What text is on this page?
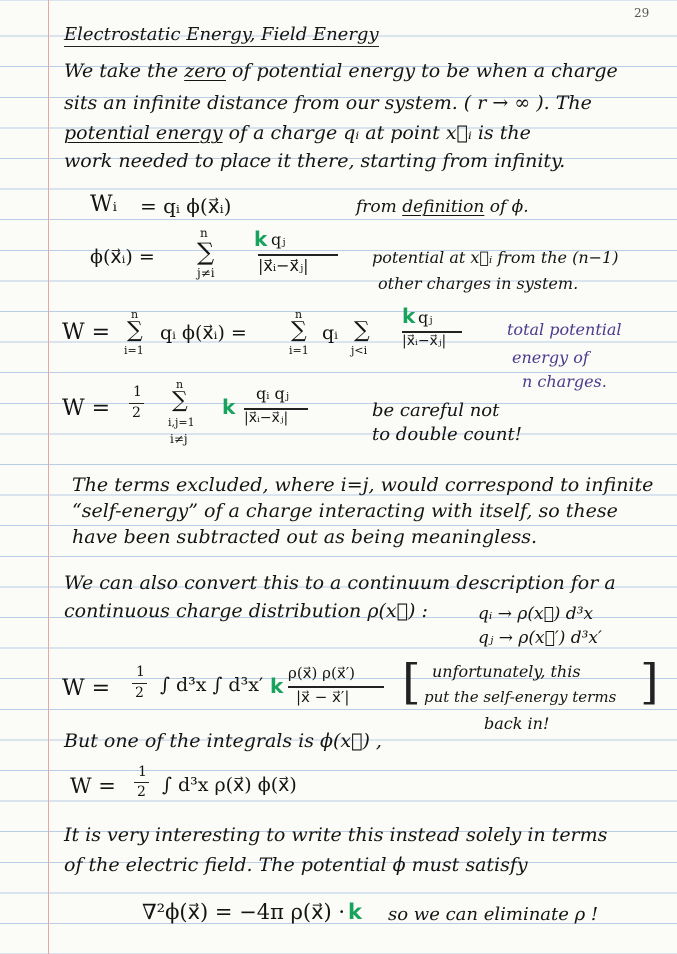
29
Electrostatic Energy, Field Energy
We take the zero of potential energy to be when a charge
sits an infinite distance from our system. ( r → ∞ ). The
potential energy of a charge qᵢ at point x⃗ᵢ is the
work needed to place it there, starting from infinity.
Wᵢ = qᵢ ϕ(x⃗ᵢ)	from definition of ϕ.
ϕ(x⃗ᵢ) =
n
∑
j≠i
k qⱼ
|x⃗ᵢ−x⃗ⱼ|	potential at x⃗ᵢ from the (n−1)
other charges in system.
W =
n
∑
i=1
qᵢ ϕ(x⃗ᵢ) =
n
∑
i=1
qᵢ ∑
j<i
k qⱼ
|x⃗ᵢ−x⃗ⱼ|
total potential
energy of
n charges.
W =
1
2
n
∑
i,j=1
i≠j
k
qᵢ qⱼ
|x⃗ᵢ−x⃗ⱼ|	be careful not
to double count!
The terms excluded, where i=j, would correspond to infinite
“self-energy” of a charge interacting with itself, so these
have been subtracted out as being meaningless.
We can also convert this to a continuum description for a
continuous charge distribution ρ(x⃗) :	qᵢ → ρ(x⃗) d³x
qⱼ → ρ(x⃗′) d³x′
W =
1
2 ∫ d³x ∫ d³x′ k
ρ(x⃗) ρ(x⃗′)
|x⃗ − x⃗′| [	]
unfortunately, this
put the self-energy terms
back in!
But one of the integrals is ϕ(x⃗) ,
W =
1
2 ∫ d³x ρ(x⃗) ϕ(x⃗)
It is very interesting to write this instead solely in terms
of the electric field. The potential ϕ must satisfy
∇²ϕ(x⃗) = −4π ρ(x⃗) · k so we can eliminate ρ !
